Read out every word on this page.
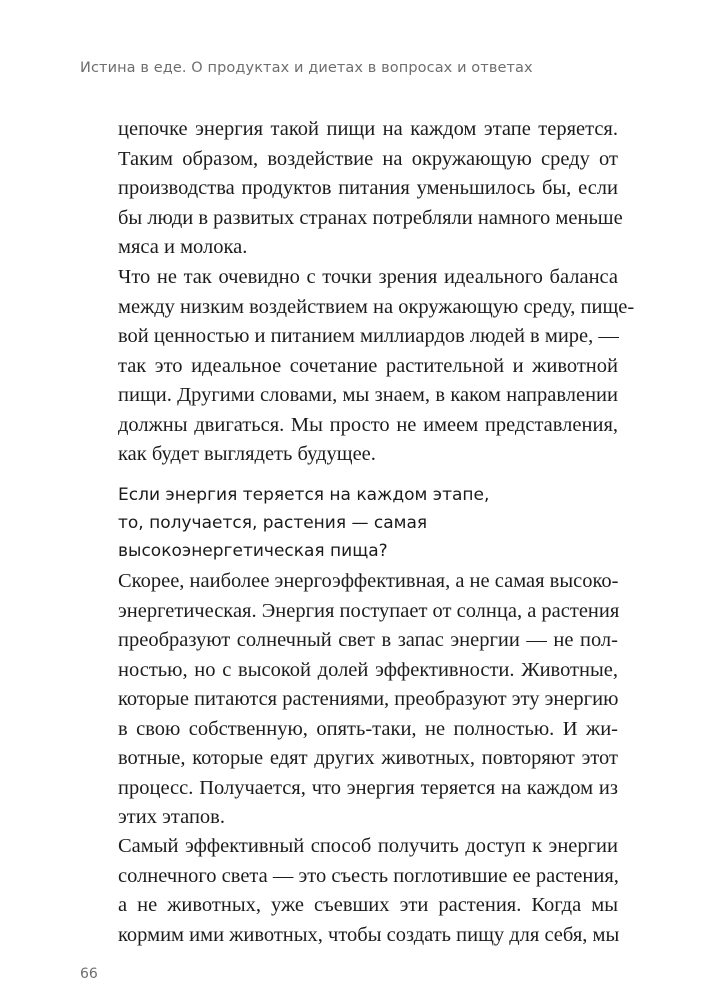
Истина в еде. О продуктах и диетах в вопросах и ответах
цепочке энергия такой пищи на каждом этапе теряется.
Таким образом, воздействие на окружающую среду от
производства продуктов питания уменьшилось бы, если
бы люди в развитых странах потребляли намного меньше
мяса и молока.
Что не так очевидно с точки зрения идеального баланса
между низким воздействием на окружающую среду, пище-
вой ценностью и питанием миллиардов людей в мире, —
так это идеальное сочетание растительной и животной
пищи. Другими словами, мы знаем, в каком направлении
должны двигаться. Мы просто не имеем представления,
как будет выглядеть будущее.
Если энергия теряется на каждом этапе,
то, получается, растения — самая
высокоэнергетическая пища?
Скорее, наиболее энергоэффективная, а не самая высоко-
энергетическая. Энергия поступает от солнца, а растения
преобразуют солнечный свет в запас энергии — не пол-
ностью, но с высокой долей эффективности. Животные,
которые питаются растениями, преобразуют эту энергию
в свою собственную, опять-таки, не полностью. И жи-
вотные, которые едят других животных, повторяют этот
процесс. Получается, что энергия теряется на каждом из
этих этапов.
Самый эффективный способ получить доступ к энергии
солнечного света — это съесть поглотившие ее растения,
а не животных, уже съевших эти растения. Когда мы
кормим ими животных, чтобы создать пищу для себя, мы
66
